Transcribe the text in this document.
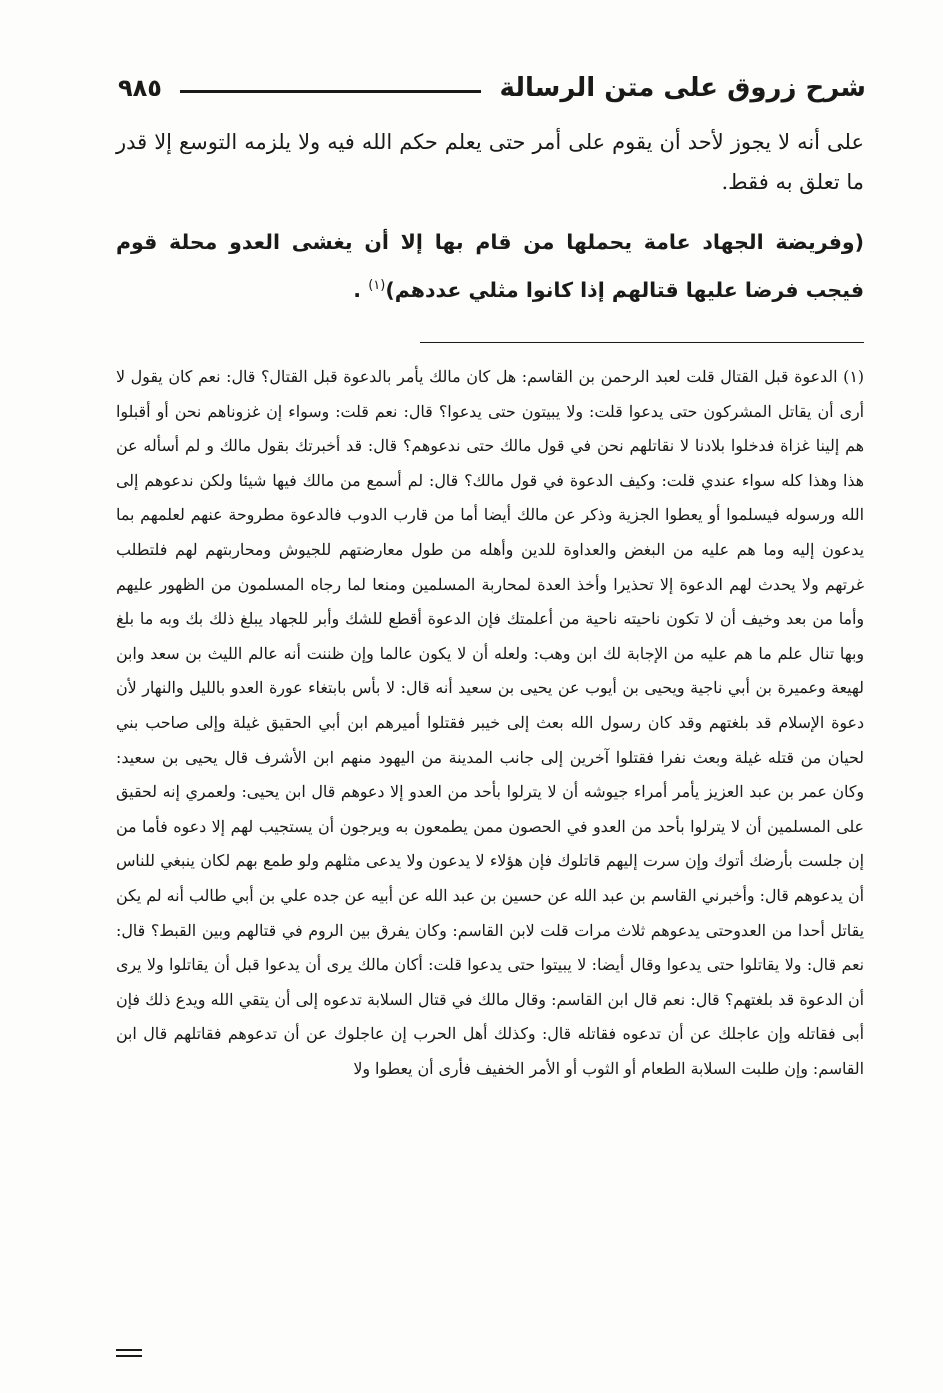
شرح زروق على متن الرسالة
٩٨٥

على أنه لا يجوز لأحد أن يقوم على أمر حتى يعلم حكم الله فيه ولا يلزمه التوسع إلا قدر ما تعلق به فقط.

(وفريضة الجهاد عامة يحملها من قام بها إلا أن يغشى العدو محلة قوم فيجب فرضا عليها قتالهم إذا كانوا مثلي عددهم)$^{(١)}$ .

(١) الدعوة قبل القتال قلت لعبد الرحمن بن القاسم: هل كان مالك يأمر بالدعوة قبل القتال؟ قال: نعم كان يقول لا أرى أن يقاتل المشركون حتى يدعوا قلت: ولا يبيتون حتى يدعوا؟ قال: نعم قلت: وسواء إن غزوناهم نحن أو أقبلوا هم إلينا غزاة فدخلوا بلادنا لا نقاتلهم نحن في قول مالك حتى ندعوهم؟ قال: قد أخبرتك بقول مالك و لم أسأله عن هذا وهذا كله سواء عندي قلت: وكيف الدعوة في قول مالك؟ قال: لم أسمع من مالك فيها شيئا ولكن ندعوهم إلى الله ورسوله فيسلموا أو يعطوا الجزية وذكر عن مالك أيضا أما من قارب الدوب فالدعوة مطروحة عنهم لعلمهم بما يدعون إليه وما هم عليه من البغض والعداوة للدين وأهله من طول معارضتهم للجيوش ومحاربتهم لهم فلتطلب غرتهم ولا يحدث لهم الدعوة إلا تحذيرا وأخذ العدة لمحاربة المسلمين ومنعا لما رجاه المسلمون من الظهور عليهم وأما من بعد وخيف أن لا تكون ناحيته ناحية من أعلمتك فإن الدعوة أقطع للشك وأبر للجهاد يبلغ ذلك بك وبه ما بلغ وبها تنال علم ما هم عليه من الإجابة لك ابن وهب: ولعله أن لا يكون عالما وإن ظننت أنه عالم الليث بن سعد وابن لهيعة وعميرة بن أبي ناجية ويحيى بن أيوب عن يحيى بن سعيد أنه قال: لا بأس بابتغاء عورة العدو بالليل والنهار لأن دعوة الإسلام قد بلغتهم وقد كان رسول الله بعث إلى خيبر فقتلوا أميرهم ابن أبي الحقيق غيلة وإلى صاحب بني لحيان من قتله غيلة وبعث نفرا فقتلوا آخرين إلى جانب المدينة من اليهود منهم ابن الأشرف قال يحيى بن سعيد: وكان عمر بن عبد العزيز يأمر أمراء جيوشه أن لا يترلوا بأحد من العدو إلا دعوهم قال ابن يحيى: ولعمري إنه لحقيق على المسلمين أن لا يترلوا بأحد من العدو في الحصون ممن يطمعون به ويرجون أن يستجيب لهم إلا دعوه فأما من إن جلست بأرضك أتوك وإن سرت إليهم قاتلوك فإن هؤلاء لا يدعون ولا يدعى مثلهم ولو طمع بهم لكان ينبغي للناس أن يدعوهم قال: وأخبرني القاسم بن عبد الله عن حسين بن عبد الله عن أبيه عن جده علي بن أبي طالب أنه لم يكن يقاتل أحدا من العدوحتى يدعوهم ثلاث مرات قلت لابن القاسم: وكان يفرق بين الروم في قتالهم وبين القبط؟ قال: نعم قال: ولا يقاتلوا حتى يدعوا وقال أيضا: لا يبيتوا حتى يدعوا قلت: أكان مالك يرى أن يدعوا قبل أن يقاتلوا ولا يرى أن الدعوة قد بلغتهم؟ قال: نعم قال ابن القاسم: وقال مالك في قتال السلابة تدعوه إلى أن يتقي الله ويدع ذلك فإن أبى فقاتله وإن عاجلك عن أن تدعوه فقاتله قال: وكذلك أهل الحرب إن عاجلوك عن أن تدعوهم فقاتلهم قال ابن القاسم: وإن طلبت السلابة الطعام أو الثوب أو الأمر الخفيف فأرى أن يعطوا ولا
